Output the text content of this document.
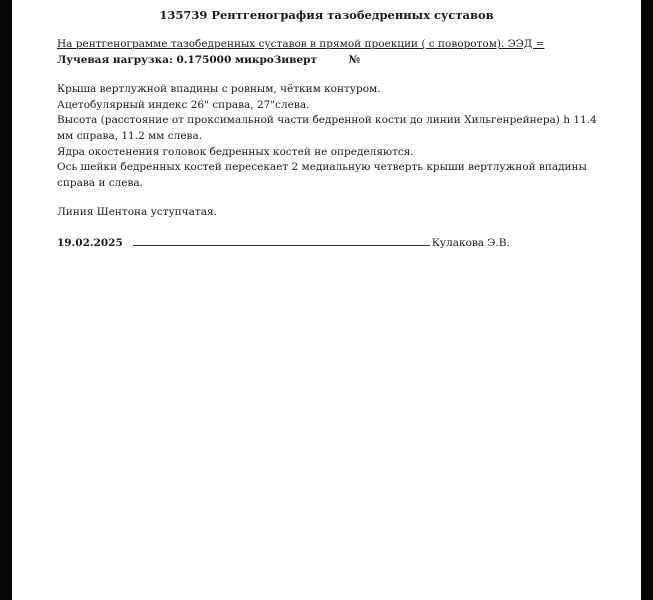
135739 Рентгенография тазобедренных суставов
На рентгенограмме тазобедренных суставов в прямой проекции ( с поворотом). ЭЭД =
Лучевая нагрузка: 0.175000 микроЗиверт	№
Крыша вертлужной впадины с ровным, чётким контуром.
Ацетобулярный индекс 26" справа, 27"слева.
Высота (расстояние от проксимальной части бедренной кости до линии Хильгенрейнера) h 11.4 мм справа, 11.2 мм слева.
Ядра окостенения головок бедренных костей не определяются.
Ось шейки бедренных костей пересекает 2 медиальную четверть крыши вертлужной впадины справа и слева.
Линия Шентона уступчатая.
19.02.2025	Кулакова Э.В.
